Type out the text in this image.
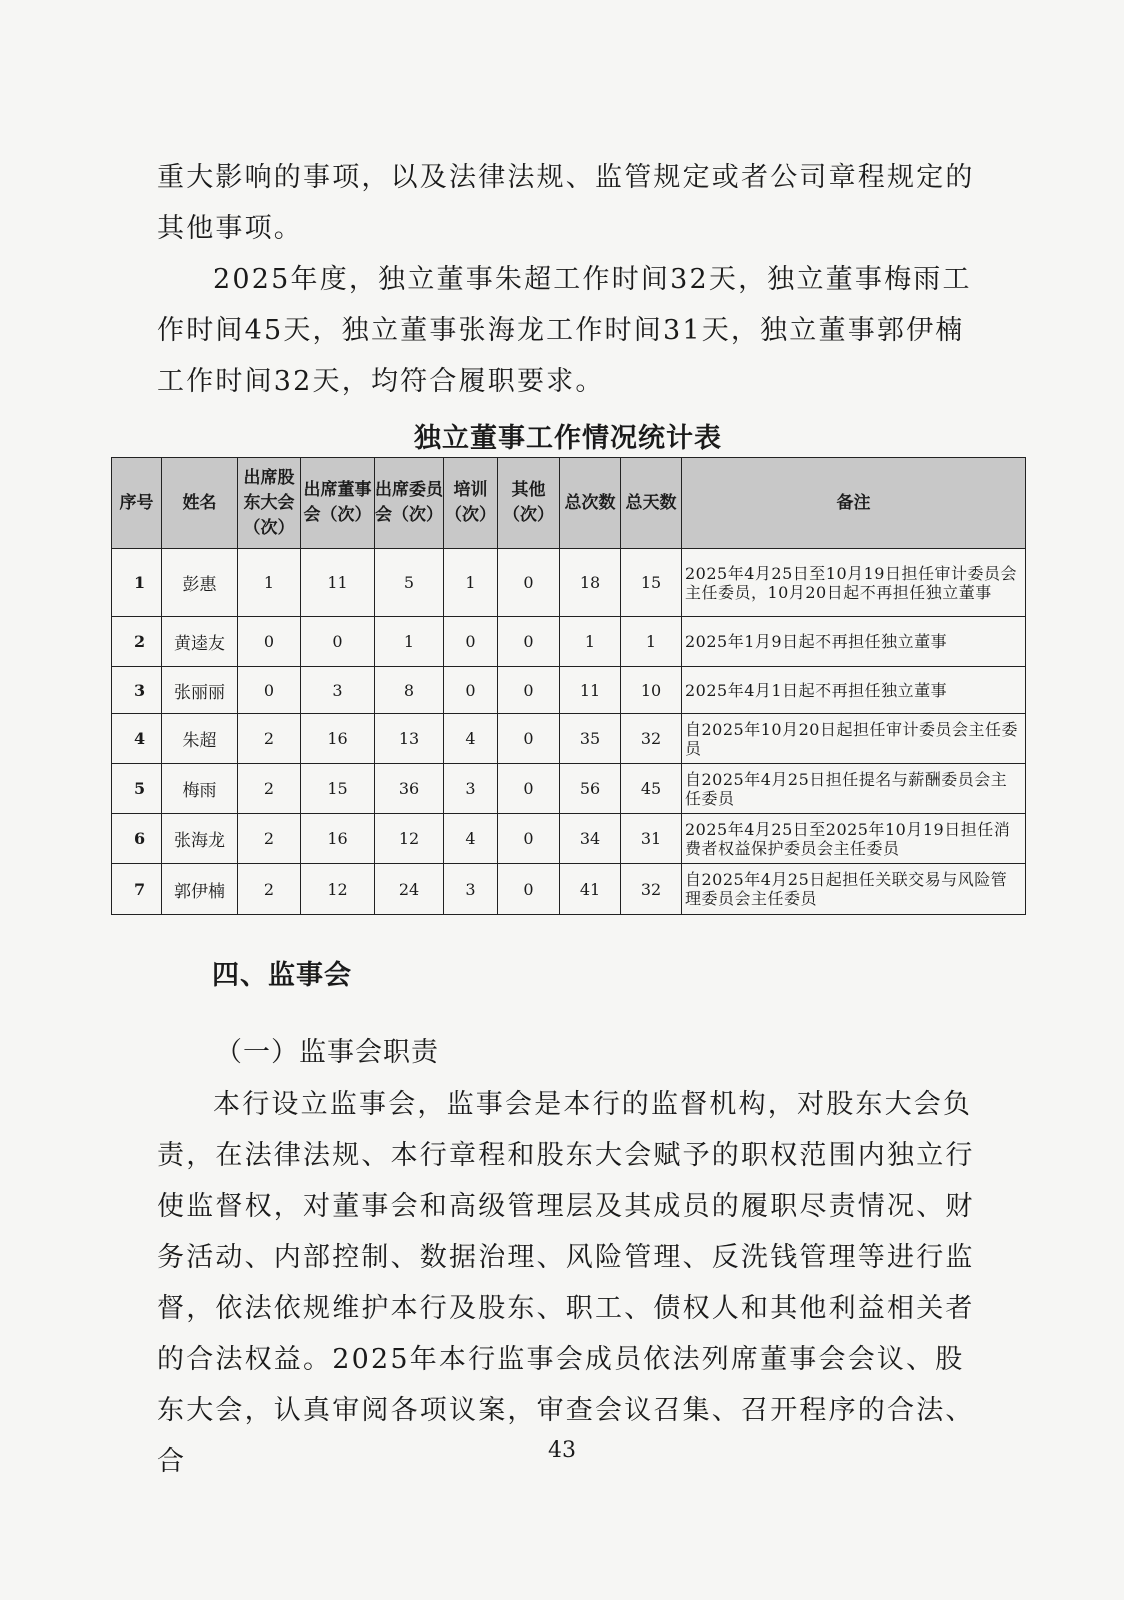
重大影响的事项，以及法律法规、监管规定或者公司章程规定的其他事项。

2025年度，独立董事朱超工作时间32天，独立董事梅雨工作时间45天，独立董事张海龙工作时间31天，独立董事郭伊楠工作时间32天，均符合履职要求。

独立董事工作情况统计表
序号	姓名	出席股东大会（次）	出席董事会（次）	出席委员会（次）	培训（次）	其他（次）	总次数	总天数	备注
1	彭惠	1	11	5	1	0	18	15	2025年4月25日至10月19日担任审计委员会主任委员，10月20日起不再担任独立董事
2	黄逵友	0	0	1	0	0	1	1	2025年1月9日起不再担任独立董事
3	张丽丽	0	3	8	0	0	11	10	2025年4月1日起不再担任独立董事
4	朱超	2	16	13	4	0	35	32	自2025年10月20日起担任审计委员会主任委员
5	梅雨	2	15	36	3	0	56	45	自2025年4月25日担任提名与薪酬委员会主任委员
6	张海龙	2	16	12	4	0	34	31	2025年4月25日至2025年10月19日担任消费者权益保护委员会主任委员
7	郭伊楠	2	12	24	3	0	41	32	自2025年4月25日起担任关联交易与风险管理委员会主任委员
四、监事会
（一）监事会职责

本行设立监事会，监事会是本行的监督机构，对股东大会负责，在法律法规、本行章程和股东大会赋予的职权范围内独立行使监督权，对董事会和高级管理层及其成员的履职尽责情况、财务活动、内部控制、数据治理、风险管理、反洗钱管理等进行监督，依法依规维护本行及股东、职工、债权人和其他利益相关者的合法权益。2025年本行监事会成员依法列席董事会会议、股东大会，认真审阅各项议案，审查会议召集、召开程序的合法、合	43
